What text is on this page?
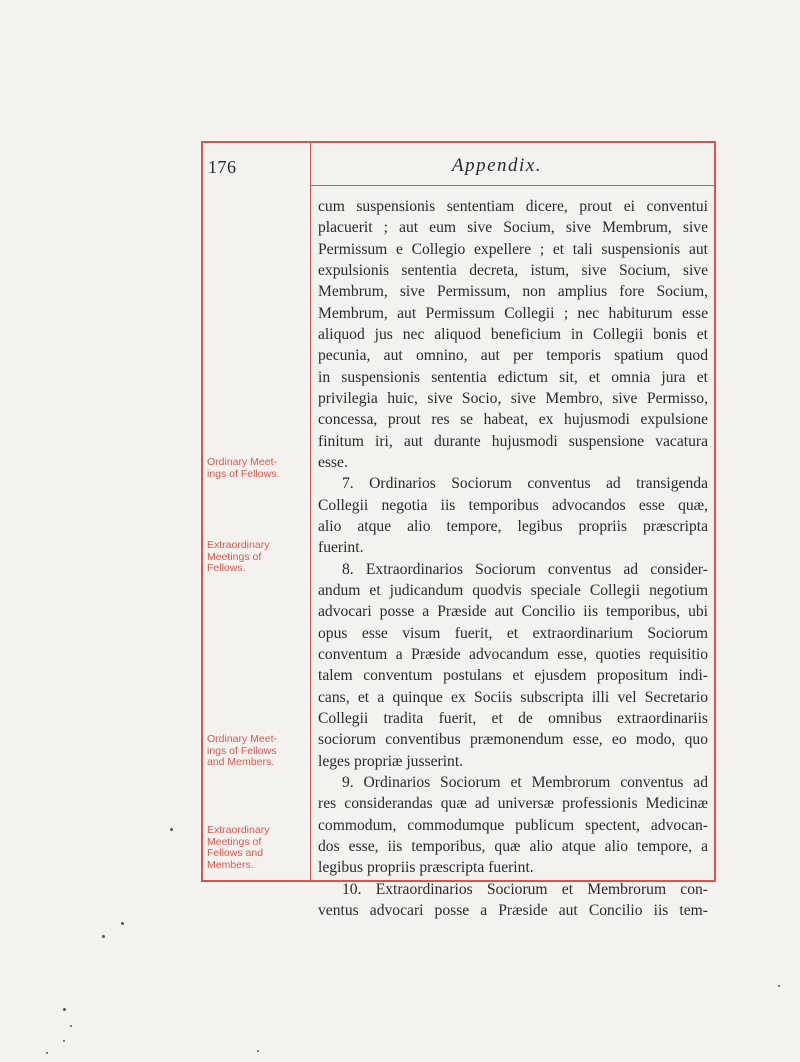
176	Appendix.
Ordinary Meet-
ings of Fellows.
Extraordinary
Meetings of
Fellows.
Ordinary Meet-
ings of Fellows
and Members.
Extraordinary
Meetings of
Fellows and
Members.
cum suspensionis sententiam dicere, prout ei conventui
placuerit ; aut eum sive Socium, sive Membrum, sive
Permissum e Collegio expellere ; et tali suspensionis aut
expulsionis sententia decreta, istum, sive Socium, sive
Membrum, sive Permissum, non amplius fore Socium,
Membrum, aut Permissum Collegii ; nec habiturum esse
aliquod jus nec aliquod beneficium in Collegii bonis et
pecunia, aut omnino, aut per temporis spatium quod
in suspensionis sententia edictum sit, et omnia jura et
privilegia huic, sive Socio, sive Membro, sive Permisso,
concessa, prout res se habeat, ex hujusmodi expulsione
finitum iri, aut durante hujusmodi suspensione vacatura
esse.
7. Ordinarios Sociorum conventus ad transigenda
Collegii negotia iis temporibus advocandos esse quæ,
alio atque alio tempore, legibus propriis præscripta
fuerint.
8. Extraordinarios Sociorum conventus ad consider-
andum et judicandum quodvis speciale Collegii negotium
advocari posse a Præside aut Concilio iis temporibus, ubi
opus esse visum fuerit, et extraordinarium Sociorum
conventum a Præside advocandum esse, quoties requisitio
talem conventum postulans et ejusdem propositum indi-
cans, et a quinque ex Sociis subscripta illi vel Secretario
Collegii tradita fuerit, et de omnibus extraordinariis
sociorum conventibus præmonendum esse, eo modo, quo
leges propriæ jusserint.
9. Ordinarios Sociorum et Membrorum conventus ad
res considerandas quæ ad universæ professionis Medicinæ
commodum, commodumque publicum spectent, advocan-
dos esse, iis temporibus, quæ alio atque alio tempore, a
legibus propriis præscripta fuerint.
10. Extraordinarios Sociorum et Membrorum con-
ventus advocari posse a Præside aut Concilio iis tem-
